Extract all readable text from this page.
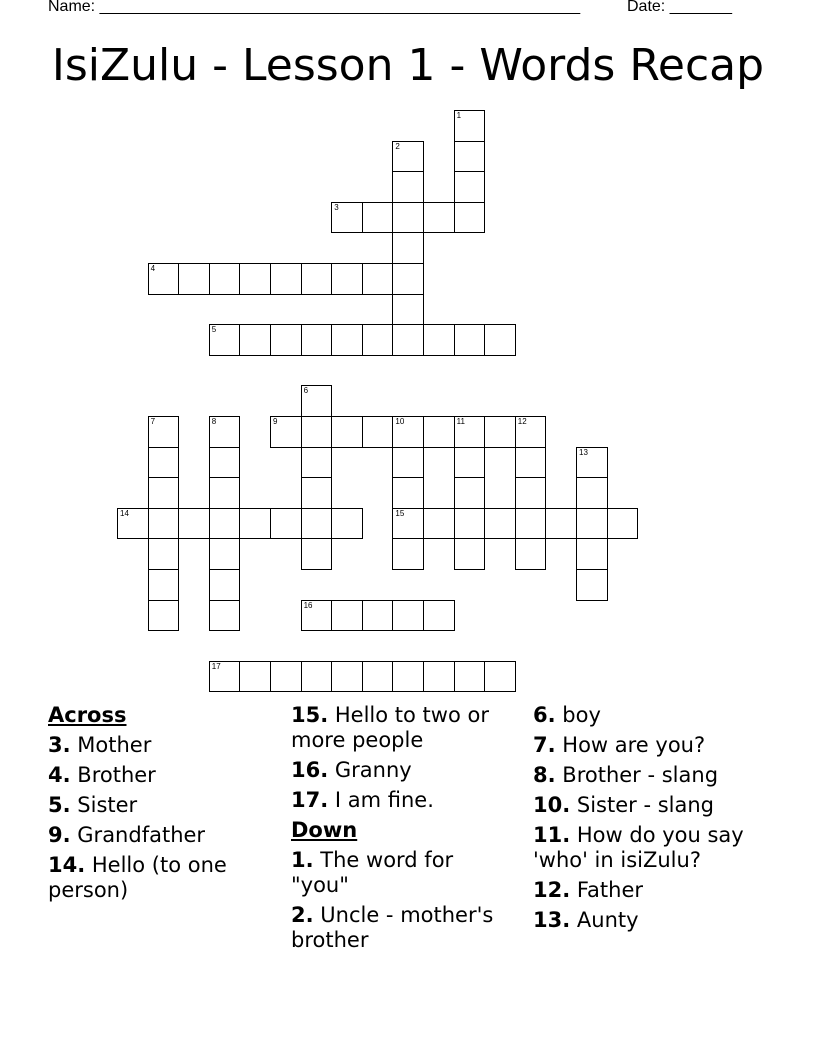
Name: ______________________________________________________	Date: _______
IsiZulu - Lesson 1 - Words Recap
1
2
3
4
5
6
7	8	9	10	11
15
12
13
14
16
17
Across
3. Mother
4. Brother
5. Sister
9. Grandfather
14. Hello (to one person)
15. Hello to two or more people
16. Granny
17. I am fine.
Down
1. The word for "you"
2. Uncle - mother's brother
6. boy
7. How are you?
8. Brother - slang
10. Sister - slang
11. How do you say 'who' in isiZulu?
12. Father
13. Aunty
